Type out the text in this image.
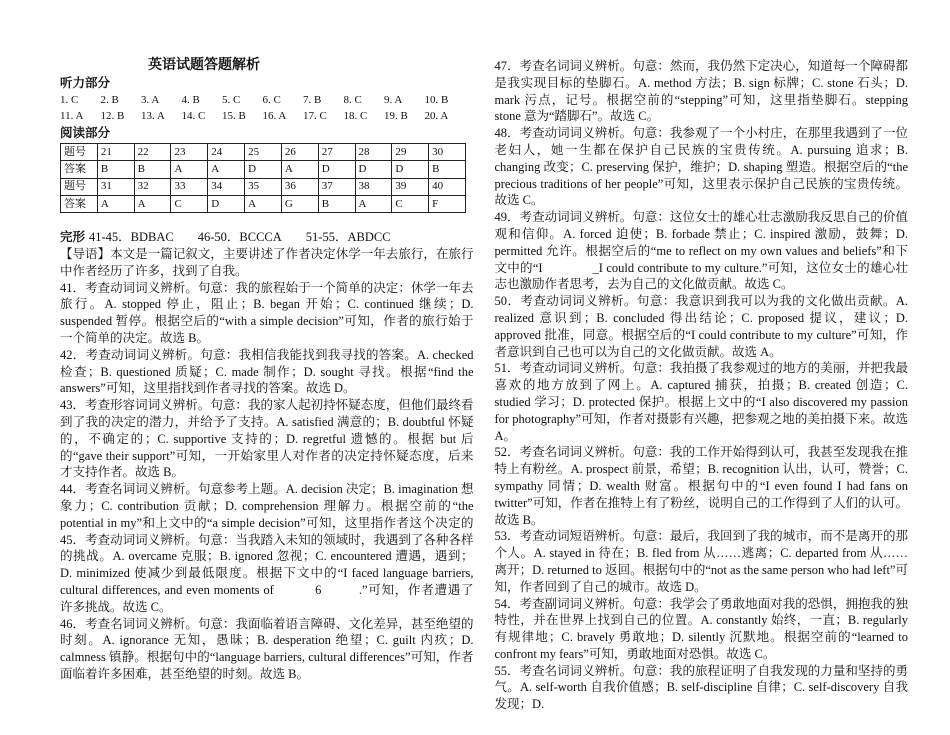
英语试题答题解析
听力部分
1. C	2. B	3. A	4. B	5. C	6. C	7. B	8. C	9. A	10. B
11. A	12. B	13. A	14. C	15. B	16. A	17. C	18. C	19. B	20. A
阅读部分
题号	21	22	23	24	25	26	27	28	29	30
答案	B	B	A	A	D	A	D	D	D	B
题号	31	32	33	34	35	36	37	38	39	40
答案	A	A	C	D	A	G	B	A	C	F
完形 41-45．BDBAC 46-50．BCCCA 51-55．ABDCC

【导语】本文是一篇记叙文，主要讲述了作者决定休学一年去旅行，在旅行中作者经历了许多，找到了自我。

41．考查动词词义辨析。句意：我的旅程始于一个简单的决定：休学一年去旅行。A. stopped 停止，阻止；B. began 开始；C. continued 继续；D. suspended 暂停。根据空后的“with a simple decision”可知，作者的旅行始于一个简单的决定。故选 B。

42．考查动词词义辨析。句意：我相信我能找到我寻找的答案。A. checked 检查；B. questioned 质疑；C. made 制作；D. sought 寻找。根据“find the answers”可知，这里指找到作者寻找的答案。故选 D。

43．考查形容词词义辨析。句意：我的家人起初持怀疑态度，但他们最终看到了我的决定的潜力，并给予了支持。A. satisfied 满意的；B. doubtful 怀疑的，不确定的；C. supportive 支持的；D. regretful 遗憾的。根据 but 后的“gave their support”可知，一开始家里人对作者的决定持怀疑态度，后来才支持作者。故选 B。

44．考查名词词义辨析。句意参考上题。A. decision 决定；B. imagination 想象力；C. contribution 贡献；D. comprehension 理解力。根据空前的“the potential in my”和上文中的“a simple decision”可知，这里指作者这个决定的 45．考查动词词义辨析。句意：当我踏入未知的领域时，我遇到了各种各样的挑战。A. overcame 克服；B. ignored 忽视；C. encountered 遭遇，遇到；D. minimized 使减少到最低限度。根据下文中的“I faced language barriers, cultural differences, and even moments of    6   .”可知，作者遭遇了许多挑战。故选 C。

46．考查名词词义辨析。句意：我面临着语言障碍、文化差异，甚至绝望的时刻。A. ignorance 无知，愚昧；B. desperation 绝望；C. guilt 内疚；D. calmness 镇静。根据句中的“language barriers, cultural differences”可知，作者面临着许多困难，甚至绝望的时刻。故选 B。

47．考查名词词义辨析。句意：然而，我仍然下定决心，知道每一个障碍都是我实现目标的垫脚石。A. method 方法；B. sign 标牌；C. stone 石头；D. mark 污点，记号。根据空前的“stepping”可知，这里指垫脚石。stepping stone 意为“踏脚石”。故选 C。

48．考查动词词义辨析。句意：我参观了一个小村庄，在那里我遇到了一位老妇人，她一生都在保护自己民族的宝贵传统。A. pursuing 追求；B. changing 改变；C. preserving 保护，维护；D. shaping 塑造。根据空后的“the precious traditions of her people”可知，这里表示保护自己民族的宝贵传统。故选 C。

49．考查动词词义辨析。句意：这位女士的雄心壮志激励我反思自己的价值观和信仰。A. forced 迫使；B. forbade 禁止；C. inspired 激励，鼓舞；D. permitted 允许。根据空后的“me to reflect on my own values and beliefs”和下文中的“I    _I could contribute to my culture.”可知，这位女士的雄心壮志也激励作者思考，去为自己的文化做贡献。故选 C。

50．考查动词词义辨析。句意：我意识到我可以为我的文化做出贡献。A. realized 意识到；B. concluded 得出结论；C. proposed 提议，建议；D. approved 批准，同意。根据空后的“I could contribute to my culture”可知，作者意识到自己也可以为自己的文化做贡献。故选 A。

51．考查动词词义辨析。句意：我拍摄了我参观过的地方的美丽，并把我最喜欢的地方放到了网上。A. captured 捕获，拍摄；B. created 创造；C. studied 学习；D. protected 保护。根据上文中的“I also discovered my passion for photography”可知，作者对摄影有兴趣，把参观之地的美拍摄下来。故选 A。

52．考查名词词义辨析。句意：我的工作开始得到认可，我甚至发现我在推特上有粉丝。A. prospect 前景，希望；B. recognition 认出，认可，赞誉；C. sympathy 同情；D. wealth 财富。根据句中的“I even found I had fans on twitter”可知，作者在推特上有了粉丝，说明自己的工作得到了人们的认可。故选 B。

53．考查动词短语辨析。句意：最后，我回到了我的城市，而不是离开的那个人。A. stayed in 待在；B. fled from 从……逃离；C. departed from 从……离开；D. returned to 返回。根据句中的“not as the same person who had left”可知，作者回到了自己的城市。故选 D。

54．考查副词词义辨析。句意：我学会了勇敢地面对我的恐惧，拥抱我的独特性，并在世界上找到自己的位置。A. constantly 始终，一直；B. regularly 有规律地；C. bravely 勇敢地；D. silently 沉默地。根据空前的“learned to confront my fears”可知，勇敢地面对恐惧。故选 C。

55．考查名词词义辨析。句意：我的旅程证明了自我发现的力量和坚持的勇气。A. self-worth 自我价值感；B. self-discipline 自律；C. self-discovery 自我发现；D.
